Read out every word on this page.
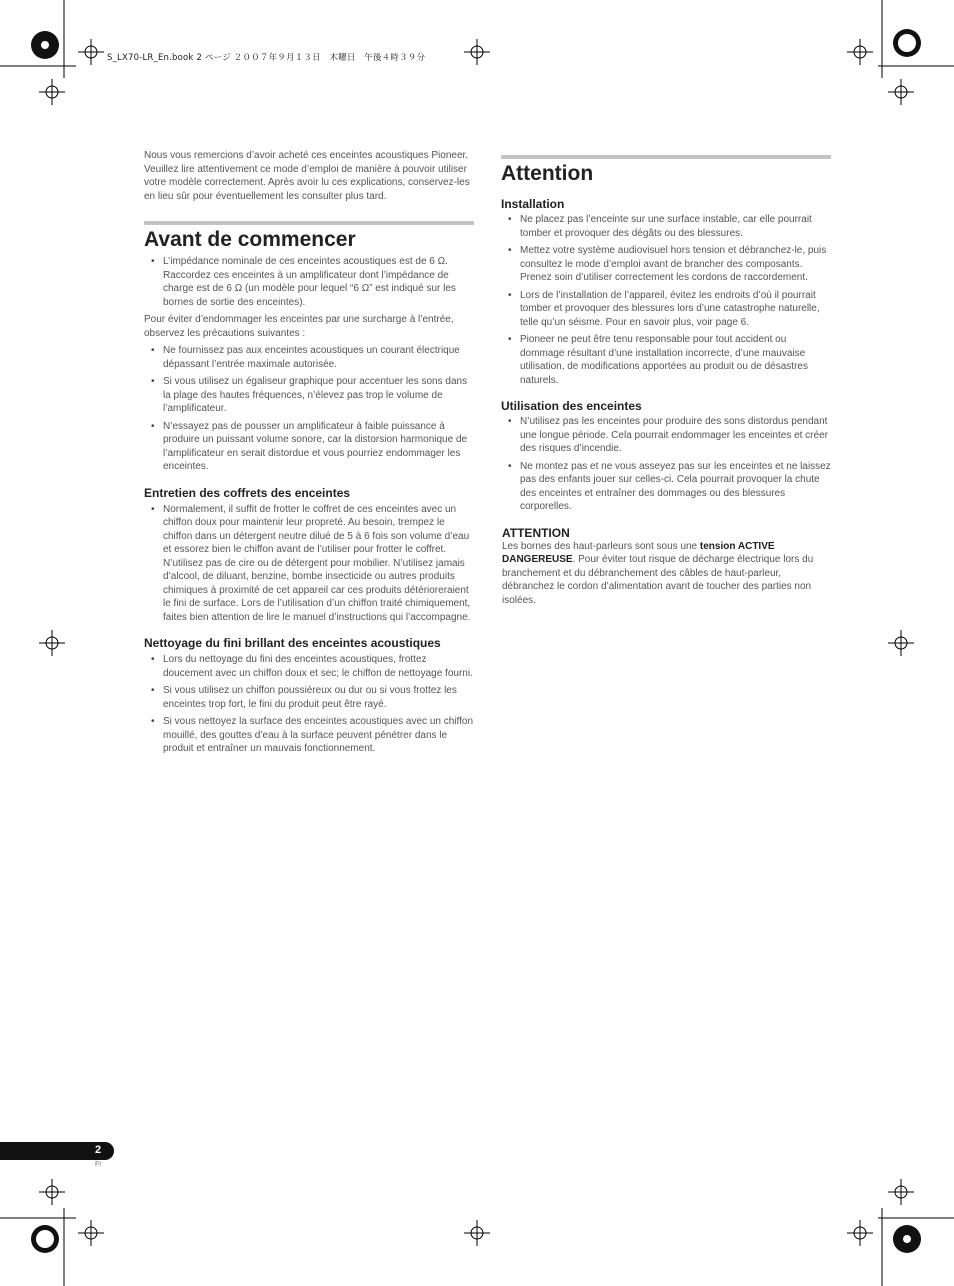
S_LX70-LR_En.book 2 ページ ２００７年９月１３日　木曜日　午後４時３９分

Nous vous remercions d’avoir acheté ces enceintes acoustiques Pioneer. Veuillez lire attentivement ce mode d’emploi de manière à pouvoir utiliser votre modèle correctement. Après avoir lu ces explications, conservez-les en lieu sûr pour éventuellement les consulter plus tard.

Avant de commencer
• L’impédance nominale de ces enceintes acoustiques est de 6 Ω. Raccordez ces enceintes à un amplificateur dont l’impédance de charge est de 6 Ω (un modèle pour lequel “6 Ω” est indiqué sur les bornes de sortie des enceintes).

Pour éviter d’endommager les enceintes par une surcharge à l’entrée, observez les précautions suivantes :

• Ne fournissez pas aux enceintes acoustiques un courant électrique dépassant l’entrée maximale autorisée.
• Si vous utilisez un égaliseur graphique pour accentuer les sons dans la plage des hautes fréquences, n’élevez pas trop le volume de l’amplificateur.
• N’essayez pas de pousser un amplificateur à faible puissance à produire un puissant volume sonore, car la distorsion harmonique de l’amplificateur en serait distordue et vous pourriez endommager les enceintes.

Entretien des coffrets des enceintes

• Normalement, il suffit de frotter le coffret de ces enceintes avec un chiffon doux pour maintenir leur propreté. Au besoin, trempez le chiffon dans un détergent neutre dilué de 5 à 6 fois son volume d’eau et essorez bien le chiffon avant de l’utiliser pour frotter le coffret. N’utilisez pas de cire ou de détergent pour mobilier. N’utilisez jamais d’alcool, de diluant, benzine, bombe insecticide ou autres produits chimiques à proximité de cet appareil car ces produits détérioreraient le fini de surface. Lors de l’utilisation d’un chiffon traité chimiquement, faites bien attention de lire le manuel d’instructions qui l’accompagne.

Nettoyage du fini brillant des enceintes acoustiques

• Lors du nettoyage du fini des enceintes acoustiques, frottez doucement avec un chiffon doux et sec; le chiffon de nettoyage fourni.
• Si vous utilisez un chiffon poussiéreux ou dur ou si vous frottez les enceintes trop fort, le fini du produit peut être rayé.
• Si vous nettoyez la surface des enceintes acoustiques avec un chiffon mouillé, des gouttes d’eau à la surface peuvent pénétrer dans le produit et entraîner un mauvais fonctionnement.
Attention

Installation

• Ne placez pas l’enceinte sur une surface instable, car elle pourrait tomber et provoquer des dégâts ou des blessures.
• Mettez votre système audiovisuel hors tension et débranchez-le, puis consultez le mode d’emploi avant de brancher des composants. Prenez soin d’utiliser correctement les cordons de raccordement.
• Lors de l’installation de l’appareil, évitez les endroits d’où il pourrait tomber et provoquer des blessures lors d’une catastrophe naturelle, telle qu’un séisme. Pour en savoir plus, voir page 6.
• Pioneer ne peut être tenu responsable pour tout accident ou dommage résultant d’une installation incorrecte, d’une mauvaise utilisation, de modifications apportées au produit ou de désastres naturels.

Utilisation des enceintes

• N’utilisez pas les enceintes pour produire des sons distordus pendant une longue période. Cela pourrait endommager les enceintes et créer des risques d’incendie.
• Ne montez pas et ne vous asseyez pas sur les enceintes et ne laissez pas des enfants jouer sur celles-ci. Cela pourrait provoquer la chute des enceintes et entraîner des dommages ou des blessures corporelles.
ATTENTION

Les bornes des haut-parleurs sont sous une tension ACTIVE DANGEREUSE. Pour éviter tout risque de décharge électrique lors du branchement et du débranchement des câbles de haut-parleur, débranchez le cordon d’alimentation avant de toucher des parties non isolées.

2
Fr
